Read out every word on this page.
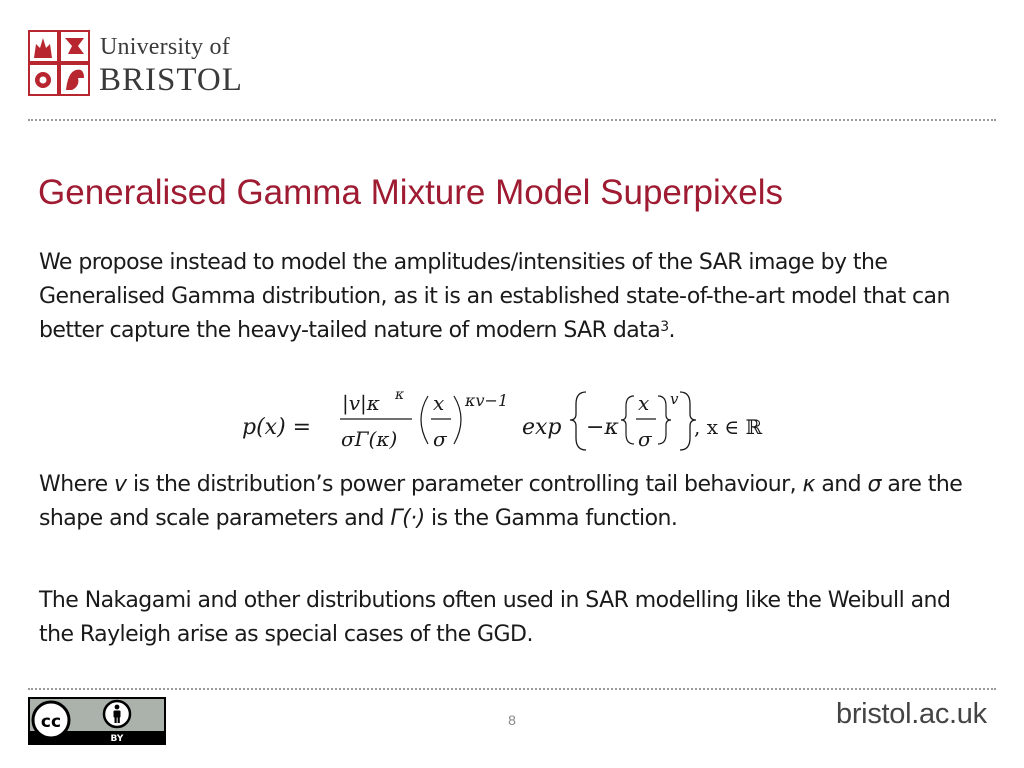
University of
BRISTOL
Generalised Gamma Mixture Model Superpixels
We propose instead to model the amplitudes/intensities of the SAR image by the Generalised Gamma distribution, as it is an established state-of-the-art model that can better capture the heavy-tailed nature of modern SAR data$^3$.
p(x) =
|v|κ κ
σΓ(κ)
x
σ
κv−1
exp −κ
x
σ
v
, x ∈ ℝ
Where v is the distribution’s power parameter controlling tail behaviour, κ and σ are the shape and scale parameters and Γ(·) is the Gamma function.
The Nakagami and other distributions often used in SAR modelling like the Weibull and the Rayleigh arise as special cases of the GGD.
cc
BY
8	bristol.ac.uk
